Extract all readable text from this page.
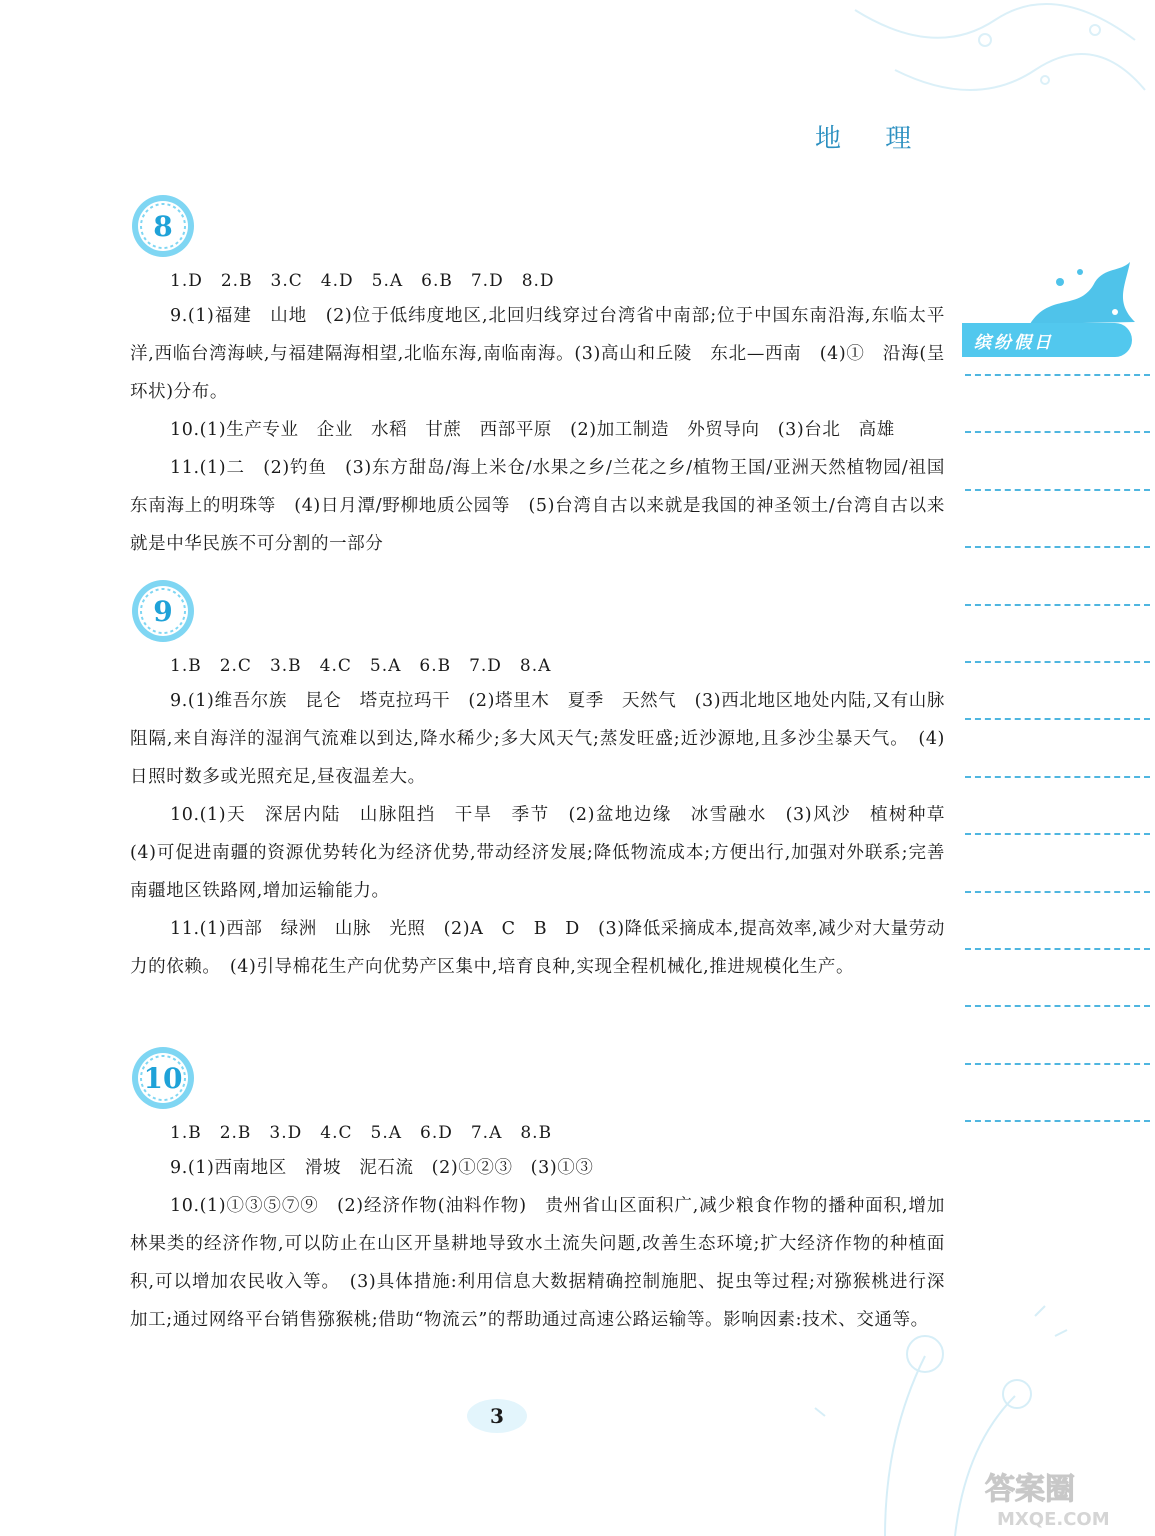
地 理
缤纷假日
8
1.D　2.B　3.C　4.D　5.A　6.B　7.D　8.D

9.(1)福建　山地　(2)位于低纬度地区,北回归线穿过台湾省中南部;位于中国东南沿海,东临太平洋,西临台湾海峡,与福建隔海相望,北临东海,南临南海。(3)高山和丘陵　东北—西南　(4)①　沿海(呈环状)分布。

10.(1)生产专业　企业　水稻　甘蔗　西部平原　(2)加工制造　外贸导向　(3)台北　高雄

11.(1)二　(2)钓鱼　(3)东方甜岛/海上米仓/水果之乡/兰花之乡/植物王国/亚洲天然植物园/祖国东南海上的明珠等　(4)日月潭/野柳地质公园等　(5)台湾自古以来就是我国的神圣领土/台湾自古以来就是中华民族不可分割的一部分

9
1.B　2.C　3.B　4.C　5.A　6.B　7.D　8.A

9.(1)维吾尔族　昆仑　塔克拉玛干　(2)塔里木　夏季　天然气　(3)西北地区地处内陆,又有山脉阻隔,来自海洋的湿润气流难以到达,降水稀少;多大风天气;蒸发旺盛;近沙源地,且多沙尘暴天气。　(4)日照时数多或光照充足,昼夜温差大。

10.(1)天　深居内陆　山脉阻挡　干旱　季节　(2)盆地边缘　冰雪融水　(3)风沙　植树种草　(4)可促进南疆的资源优势转化为经济优势,带动经济发展;降低物流成本;方便出行,加强对外联系;完善南疆地区铁路网,增加运输能力。

11.(1)西部　绿洲　山脉　光照　(2)A　C　B　D　(3)降低采摘成本,提高效率,减少对大量劳动力的依赖。　(4)引导棉花生产向优势产区集中,培育良种,实现全程机械化,推进规模化生产。

10
1.B　2.B　3.D　4.C　5.A　6.D　7.A　8.B

9.(1)西南地区　滑坡　泥石流　(2)①②③　(3)①③

10.(1)①③⑤⑦⑨　(2)经济作物(油料作物)　贵州省山区面积广,减少粮食作物的播种面积,增加林果类的经济作物,可以防止在山区开垦耕地导致水土流失问题,改善生态环境;扩大经济作物的种植面积,可以增加农民收入等。　(3)具体措施:利用信息大数据精确控制施肥、捉虫等过程;对猕猴桃进行深加工;通过网络平台销售猕猴桃;借助“物流云”的帮助通过高速公路运输等。影响因素:技术、交通等。

3
答案圈
MXQE.COM
